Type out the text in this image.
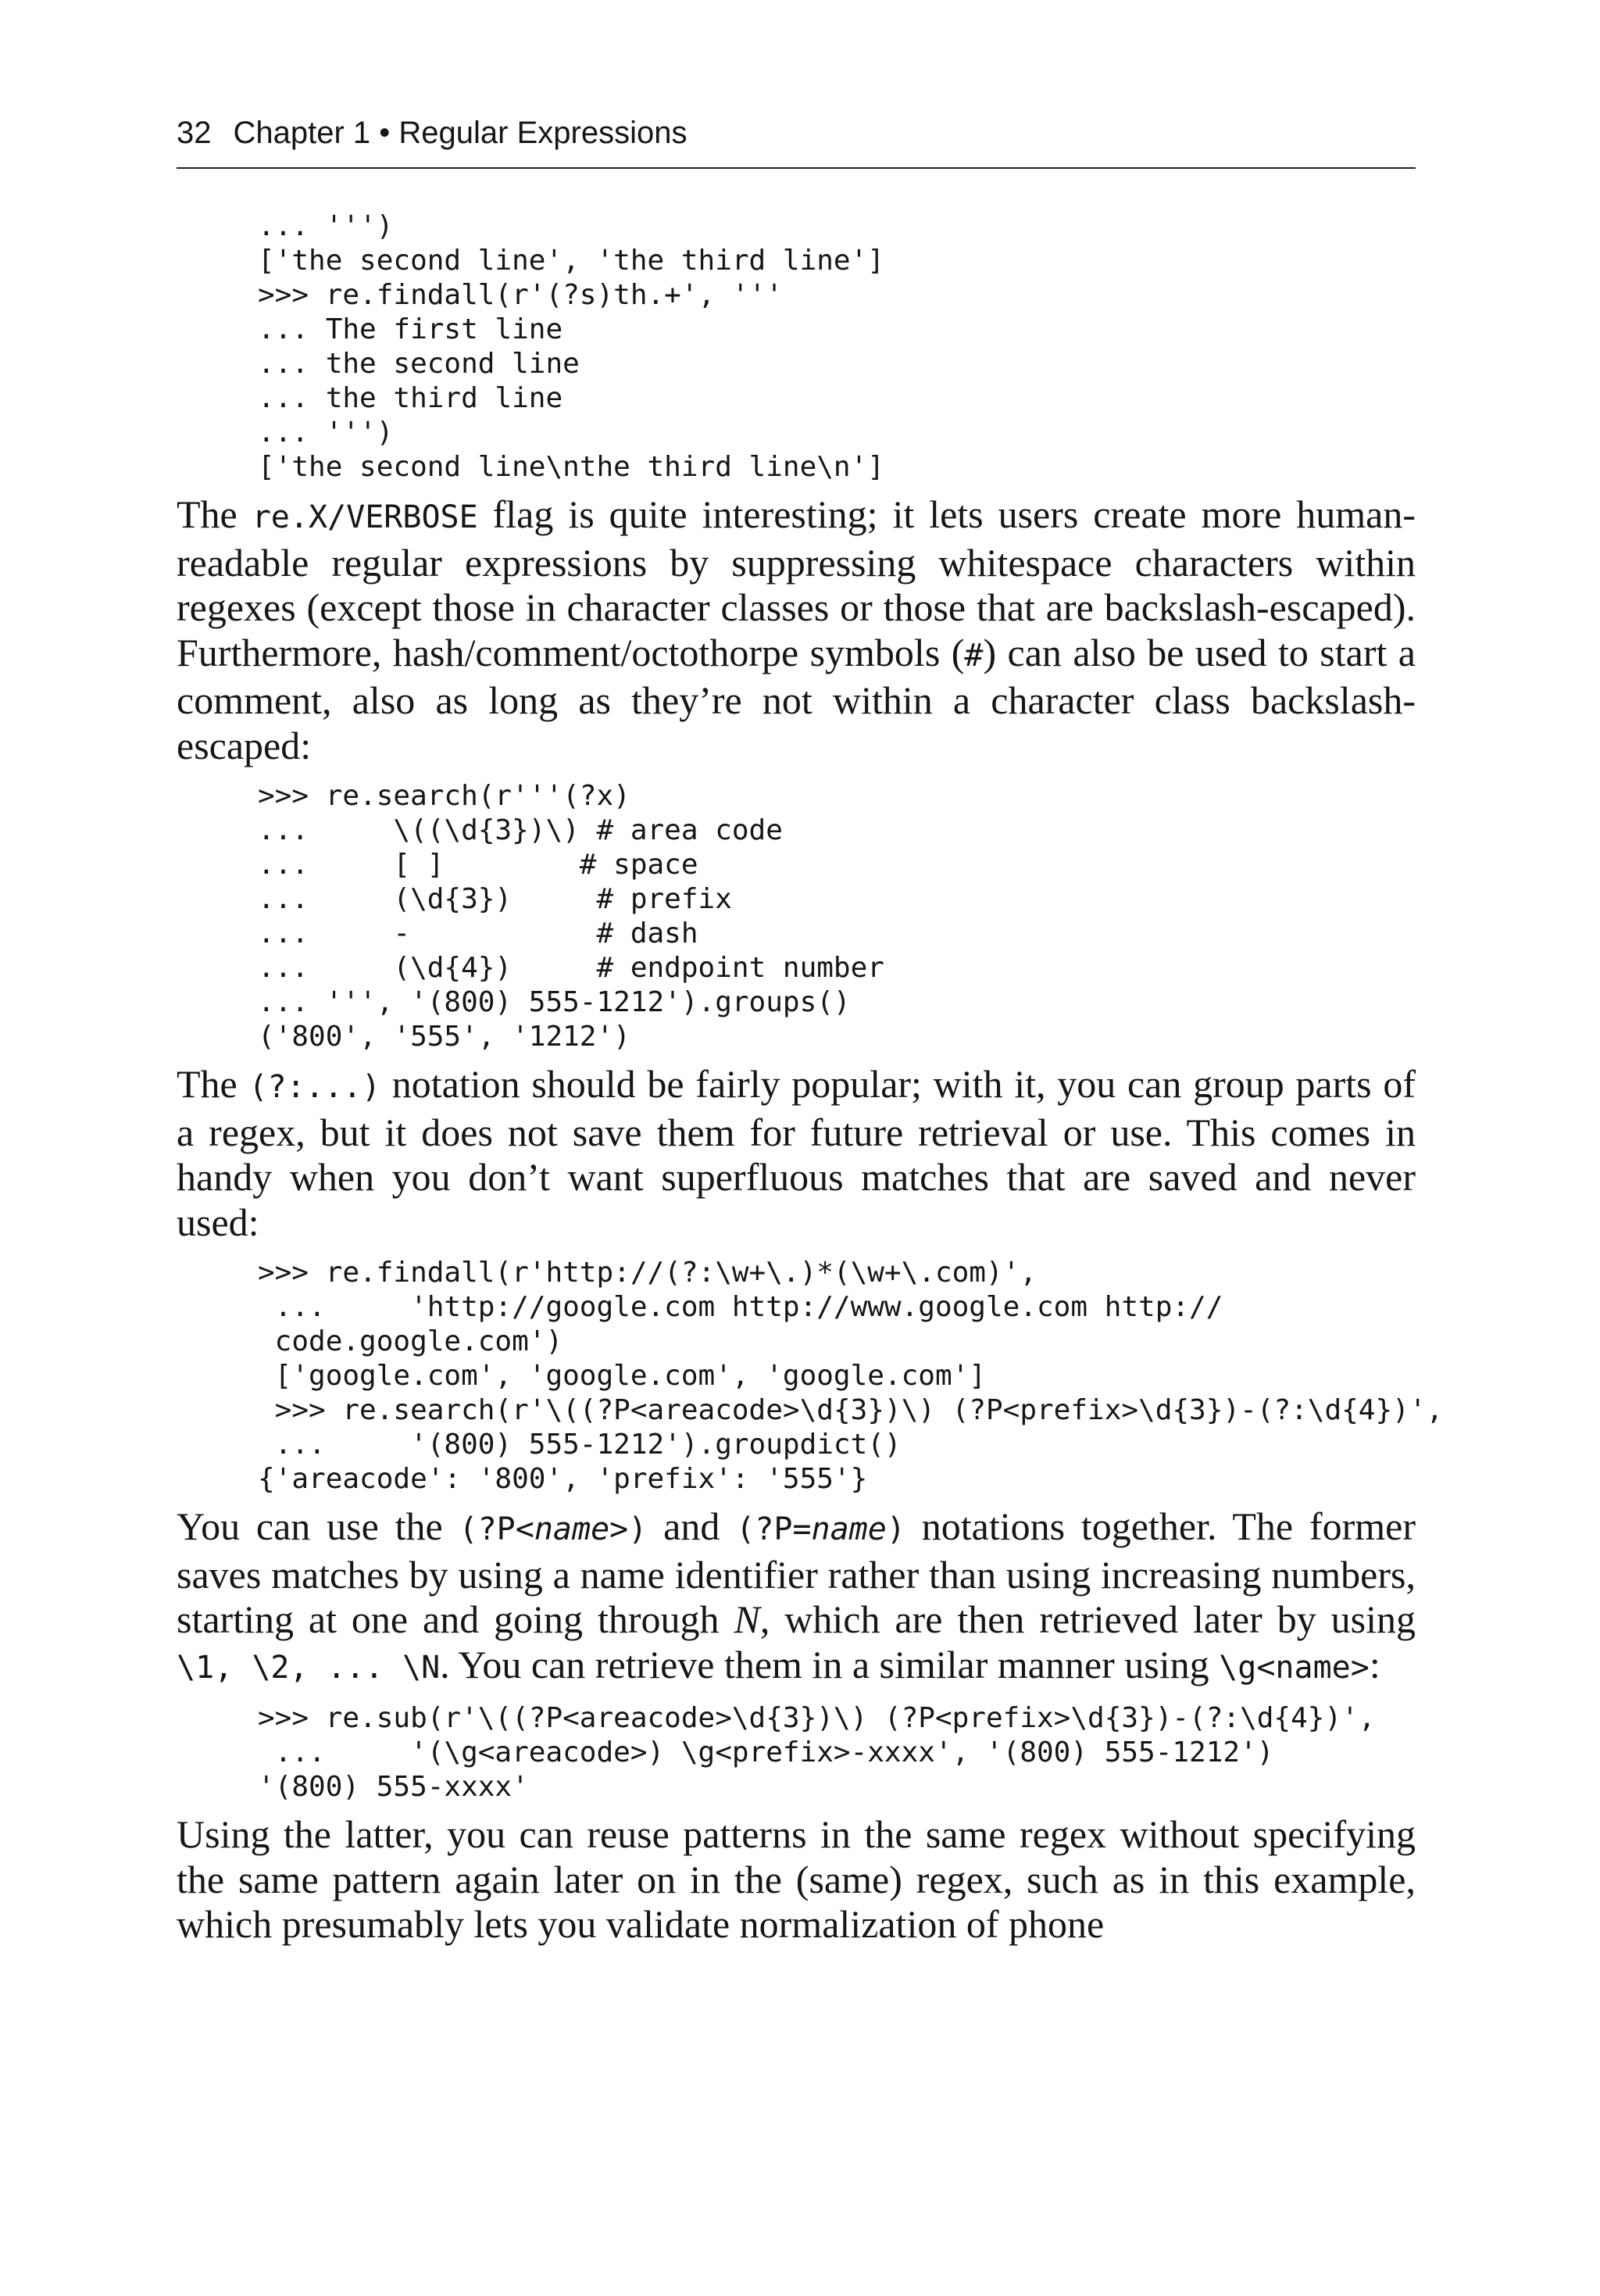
32 Chapter 1 • Regular Expressions
... ''')
['the second line', 'the third line']
>>> re.findall(r'(?s)th.+', '''
... The first line
... the second line
... the third line
... ''')
['the second line\nthe third line\n']

The re.X/VERBOSE flag is quite interesting; it lets users create more human-readable regular expressions by suppressing whitespace characters within regexes (except those in character classes or those that are backslash-escaped). Furthermore, hash/comment/octothorpe symbols (#) can also be used to start a comment, also as long as they’re not within a character class backslash-escaped:

>>> re.search(r'''(?x)
...     \((\d{3})\) # area code
...     [ ]        # space
...     (\d{3})     # prefix
...     -           # dash
...     (\d{4})     # endpoint number
... ''', '(800) 555-1212').groups()
('800', '555', '1212')

The (?:...) notation should be fairly popular; with it, you can group parts of a regex, but it does not save them for future retrieval or use. This comes in handy when you don’t want superfluous matches that are saved and never used:

>>> re.findall(r'http://(?:\w+\.)*(\w+\.com)',
...     'http://google.com http://www.google.com http://
code.google.com')
['google.com', 'google.com', 'google.com']
>>> re.search(r'\((?P<areacode>\d{3})\) (?P<prefix>\d{3})-(?:\d{4})',
...     '(800) 555-1212').groupdict()
{'areacode': '800', 'prefix': '555'}

You can use the (?P<name>) and (?P=name) notations together. The former saves matches by using a name identifier rather than using increasing numbers, starting at one and going through N, which are then retrieved later by using \1, \2, ... \N. You can retrieve them in a similar manner using \g<name>:

>>> re.sub(r'\((?P<areacode>\d{3})\) (?P<prefix>\d{3})-(?:\d{4})',
...     '(\g<areacode>) \g<prefix>-xxxx', '(800) 555-1212')
'(800) 555-xxxx'

Using the latter, you can reuse patterns in the same regex without specifying the same pattern again later on in the (same) regex, such as in this example, which presumably lets you validate normalization of phone
